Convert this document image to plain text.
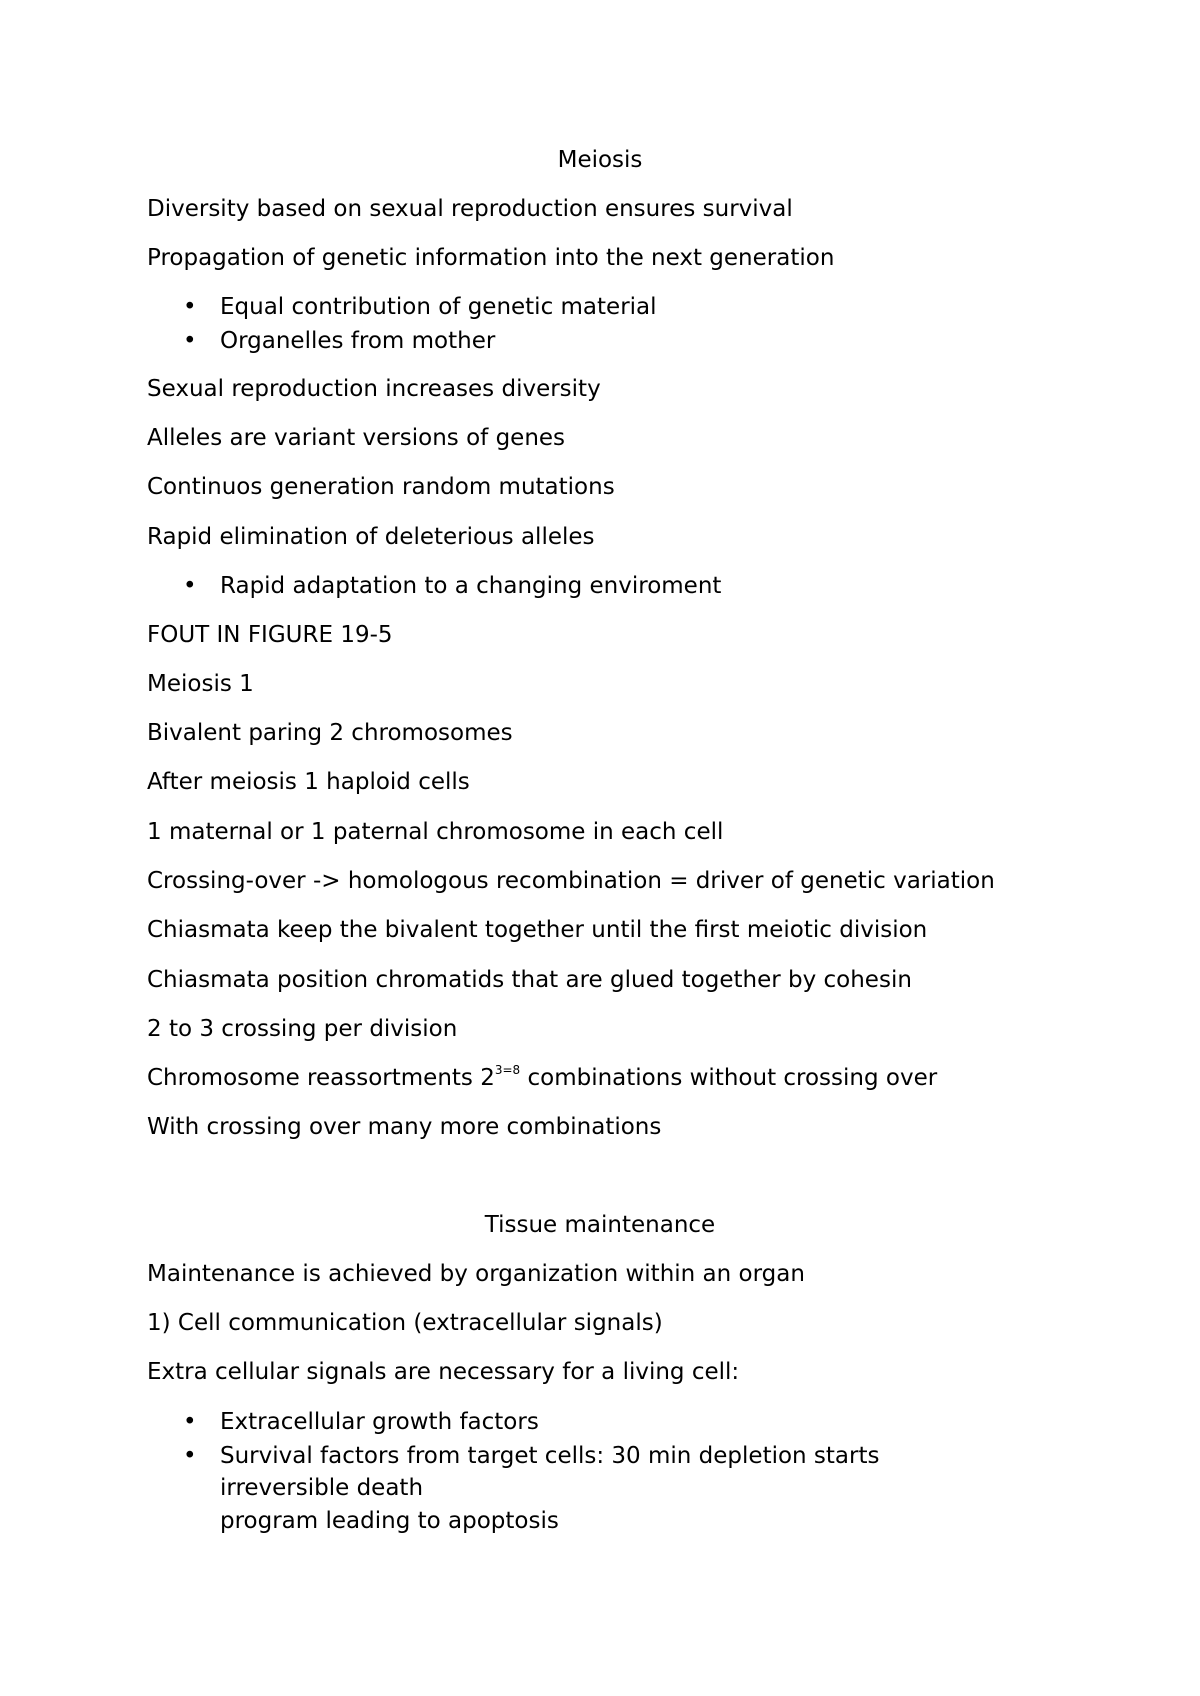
Meiosis
Diversity based on sexual reproduction ensures survival
Propagation of genetic information into the next generation
• Equal contribution of genetic material
• Organelles from mother
Sexual reproduction increases diversity
Alleles are variant versions of genes
Continuos generation random mutations
Rapid elimination of deleterious alleles
• Rapid adaptation to a changing enviroment
FOUT IN FIGURE 19-5
Meiosis 1
Bivalent paring 2 chromosomes
After meiosis 1 haploid cells
1 maternal or 1 paternal chromosome in each cell
Crossing-over -> homologous recombination = driver of genetic variation
Chiasmata keep the bivalent together until the first meiotic division
Chiasmata position chromatids that are glued together by cohesin
2 to 3 crossing per division
Chromosome reassortments $2^{3=8}$ combinations without crossing over
With crossing over many more combinations
Tissue maintenance
Maintenance is achieved by organization within an organ
1) Cell communication (extracellular signals)
Extra cellular signals are necessary for a living cell:
• Extracellular growth factors
• Survival factors from target cells: 30 min depletion starts
irreversible death
program leading to apoptosis
